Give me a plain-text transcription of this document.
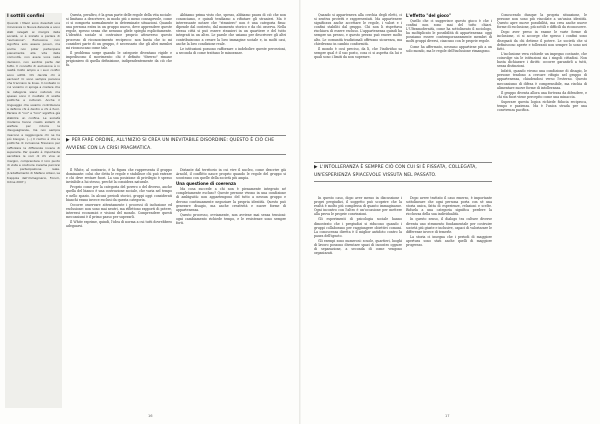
I sottili confini
Quando i Maori sono diventati una minoranza in Nuova Zelanda e sono stati relegati ai margini della società, si è iniziato a parlare di "esclusione". Esclusione non significa solo essere poveri, ma anche non poter partecipare pienamente alla vita della comunità, non avere voce nelle decisioni, non sentirsi parte del tutto. Il concetto di esclusione è in realtà molto ampio e i suoi confini sono sottili. Chi decide chi è escluso? Ci sono sempre persone che tracciano le linee. Il contesto in cui viviamo ci spinge a credere che le categorie siano naturali, ma spesso sono il risultato di scelte politiche e culturali. Anche il linguaggio che usiamo contribuisce a definire chi è dentro e chi è fuori. Parlare di "noi" e "loro" significa già stabilire un confine. Le società moderne hanno creato sistemi di welfare per ridurre le disuguaglianze, ma non sempre riescono a raggiungere chi ne ha più bisogno. (...) Il rischio è che le politiche di inclusione finiscano per rafforzare le differenze invece di superarle. Per questo è importante ascoltare le voci di chi vive ai margini, comprendere il loro punto di vista e costruire insieme percorsi di partecipazione reale. (L'adattamento di Stefano Allievi, Le trappole dell'immaginario, Forum, Udine 2007.)

Questa, peraltro, è la gran parte delle regole della vita sociale: si limitano a descrivere, in modo più o meno consapevole, come ci si comporta normalmente in determinate situazioni. Quando una persona entra in un gruppo nuovo, deve apprendere queste regole, spesso senza che nessuno gliele spieghi esplicitamente. L'identità sociale si costruisce proprio attraverso questo processo di riconoscimento reciproco: non basta che io mi consideri parte di un gruppo, è necessario che gli altri membri mi riconoscano come tale.

Il problema sorge quando le categorie diventano rigide e impediscono il movimento: chi è definito "diverso" rimane prigioniero di quella definizione, indipendentemente da ciò che fa.

Abbiamo prima visto che, spesso, abbiamo paura di ciò che non conosciamo, e quindi tendiamo a rifiutare gli stranieri. Ma è interessante notare che "straniero" non è una categoria fissa: dipende dal contesto, dal momento storico e da chi osserva. Nella stessa città si può essere stranieri in un quartiere e del tutto integrati in un altro. Le parole che usiamo per descrivere gli altri contribuiscono a creare la loro immagine sociale e, in molti casi, anche la loro condizione reale.

Le istituzioni possono rafforzare o indebolire queste percezioni, a seconda di come trattano le minoranze.

▶ PER FARE ORDINE, ALL'INIZIO SI CREA UN INEVITABILE DISORDINE: QUESTO È CIÒ CHE AVVIENE CON LA CRISI PRAGMATICA.

Il White, al contrario, è la figura che rappresenta il gruppo dominante: colui che detta le regole e stabilisce chi può entrare e chi deve restare fuori. La sua posizione di privilegio è spesso invisibile a lui stesso, perché la considera naturale.

Proprio come per la categoria del povero o del diverso, anche quella del bianco è una costruzione sociale, che varia nel tempo e nello spazio. In alcuni periodi storici, gruppi oggi considerati bianchi erano invece esclusi da questa categoria.

Occorre osservare attentamente i processi di inclusione ed esclusione: non sono mai neutri, ma riflettono rapporti di potere, interessi economici e visioni del mondo. Comprendere questi meccanismi è il primo passo per superarli.

Il White esprime, quindi, l'idea di norma a cui tutti dovrebbero adeguarsi.

Distante dal territorio in cui vive il nucleo, come descrive già Arnold, il conflitto nasce proprio quando le regole del gruppo si scontrano con quelle della società più ampia.

Una questione di coerenza

Ma cosa succede a chi non è pienamente integrato né completamente escluso? Queste persone vivono in una condizione di ambiguità: non appartengono del tutto a nessun gruppo e devono continuamente negoziare la propria identità. Questo può generare disagio, ma anche creatività e nuove forme di appartenenza.

Questo processo, ovviamente, non avviene mai senza tensioni: ogni cambiamento richiede tempo, e le resistenze sono sempre forti.

16

Quando si apparteneva alla cerchia degli eletti, ci si sentiva protetti e rappresentati. Ma appartenere significava anche accettare le regole, i valori e i confini stabiliti dal gruppo. Chi non li rispettava rischiava di essere escluso. L'appartenenza quindi ha sempre un prezzo, e questo prezzo può essere molto alto. Le comunità tradizionali offrivano sicurezza, ma chiedevano in cambio conformità.

Il mondo è così preciso, da lì, che l'individuo sa sempre qual è il suo posto, cosa ci si aspetta da lui e quali sono i limiti da non superare.

L'effetto "del gioco"

Quello che ci suggerisce questo gioco è che i confini non sono mai del tutto chiari. L'Ultramodernità, come ha sottolineato il sociologo, ha moltiplicato le possibilità di appartenenza: oggi possiamo essere contemporaneamente membri di molti gruppi diversi, ciascuno con le proprie regole.

Come ha affermato, nessuno appartiene più a un solo mondo, ma le regole dell'inclusione rimangono.

Conoscendo dunque la propria situazione, le persone non sono più vincolate a un'unica identità. Questo apre nuove possibilità, ma crea anche nuove forme di esclusione, più sottili e difficili da riconoscere.

Dopo aver preso in esame le varie forme di inclusione, ci si accorge che spesso i confini sono disegnati da chi detiene il potere. Le società che si definiscono aperte e tolleranti non sempre lo sono nei fatti.

L'inclusione vera richiede un impegno costante, che coinvolge sia le istituzioni sia i singoli cittadini. Non basta dichiarare i diritti: occorre garantirli a tutti, senza distinzioni.

Infatti, quando vivono una condizione di disagio, le persone tendono a cercare rifugio nel gruppo di appartenenza, chiudendosi verso l'esterno. Questo meccanismo di difesa è comprensibile, ma rischia di alimentare nuove forme di intolleranza.

Il gruppo diventa allora una fortezza da difendere, e chi sta fuori viene percepito come una minaccia.

Superare questa logica richiede fiducia reciproca, tempo e pazienza. Ma è l'unica strada per una convivenza pacifica.

▶ L'INTOLLERANZA È SEMPRE CIÒ CON CUI SI È FISSATA, COLLEGATA, UN'ESPERIENZA SPIACEVOLE VISSUTA NEL PASSATO.

In questo caso, dopo aver messo in discussione i propri pregiudizi, il soggetto può scoprire che la realtà è molto più complessa di quanto immaginasse. Ogni incontro con l'altro è un'occasione per mettere alla prova le proprie convinzioni.

Gli esperimenti di psicologia sociale hanno dimostrato che i pregiudizi si riducono quando i gruppi collaborano per raggiungere obiettivi comuni. La conoscenza diretta è il miglior antidoto contro la paura dell'ignoto.

Gli esempi sono numerosi: scuole, quartieri, luoghi di lavoro possono diventare spazi di incontro oppure di separazione, a seconda di come vengono organizzati.

Dopo avere trattato il caso emerso, è importante sottolineare che ogni persona porta con sé una storia unica, fatta di esperienze, relazioni e scelte. Ridurla a una categoria significa perdere la ricchezza della sua individualità.

In questo senso, il dialogo tra culture diverse diventa uno strumento fondamentale per costruire società più giuste e inclusive, capaci di valorizzare le differenze invece di temerle.

La storia ci insegna che i periodi di maggiore apertura sono stati anche quelli di maggiore progresso.

17
